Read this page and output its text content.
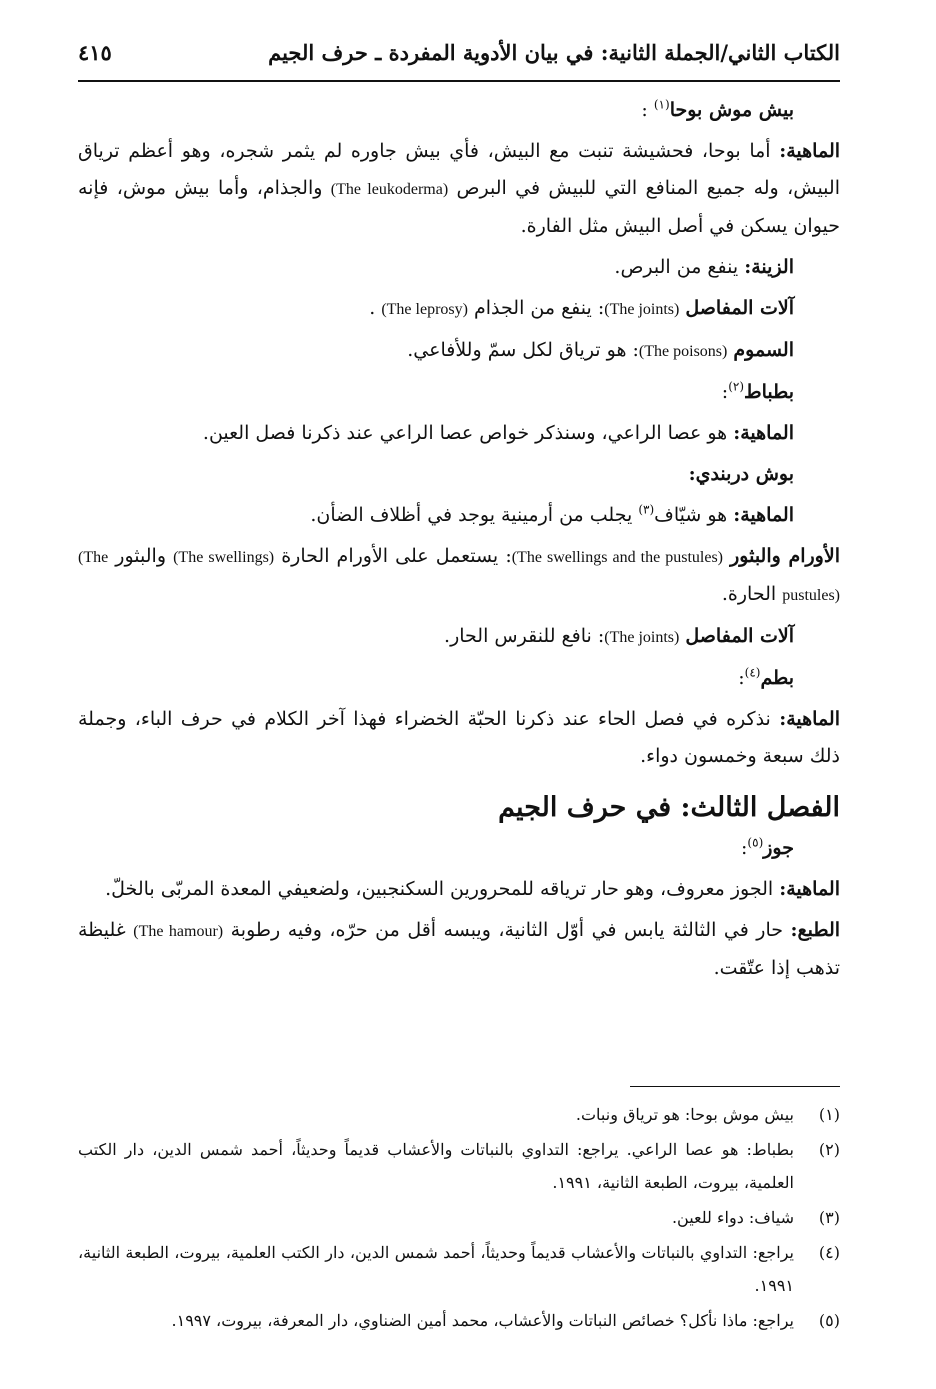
الكتاب الثاني/الجملة الثانية: في بيان الأدوية المفردة ـ حرف الجيم
٤١٥

بيش موش بوحا$^{(١)}$ :

الماهية: أما بوحا، فحشيشة تنبت مع البيش، فأي بيش جاوره لم يثمر شجره، وهو أعظم ترياق البيش، وله جميع المنافع التي للبيش في البرص (The leukoderma) والجذام، وأما بيش موش، فإنه حيوان يسكن في أصل البيش مثل الفارة.

الزينة: ينفع من البرص.

آلات المفاصل (The joints): ينفع من الجذام (The leprosy) .

السموم (The poisons): هو ترياق لكل سمّ وللأفاعي.

بطباط$^{(٢)}$:

الماهية: هو عصا الراعي، وسنذكر خواص عصا الراعي عند ذكرنا فصل العين.

بوش دربندي:

الماهية: هو شيّاف$^{(٣)}$ يجلب من أرمينية يوجد في أظلاف الضأن.

الأورام والبثور (The swellings and the pustules): يستعمل على الأورام الحارة (The swellings) والبثور (The pustules) الحارة.

آلات المفاصل (The joints): نافع للنقرس الحار.

بطم$^{(٤)}$:

الماهية: نذكره في فصل الحاء عند ذكرنا الحبّة الخضراء فهذا آخر الكلام في حرف الباء، وجملة ذلك سبعة وخمسون دواء.

الفصل الثالث: في حرف الجيم

جوز$^{(٥)}$:

الماهية: الجوز معروف، وهو حار ترياقه للمحرورين السكنجبين، ولضعيفي المعدة المربّى بالخلّ.

الطبع: حار في الثالثة يابس في أوّل الثانية، ويبسه أقل من حرّه، وفيه رطوبة (The hamour) غليظة تذهب إذا عتّقت.

(١)
بيش موش بوحا: هو ترياق ونبات.
(٢)
بطباط: هو عصا الراعي. يراجع: التداوي بالنباتات والأعشاب قديماً وحديثاً، أحمد شمس الدين، دار الكتب العلمية، بيروت، الطبعة الثانية، ١٩٩١.
(٣)
شياف: دواء للعين.
(٤)
يراجع: التداوي بالنباتات والأعشاب قديماً وحديثاً، أحمد شمس الدين، دار الكتب العلمية، بيروت، الطبعة الثانية، ١٩٩١.
(٥)
يراجع: ماذا نأكل؟ خصائص النباتات والأعشاب، محمد أمين الضناوي، دار المعرفة، بيروت، ١٩٩٧.
